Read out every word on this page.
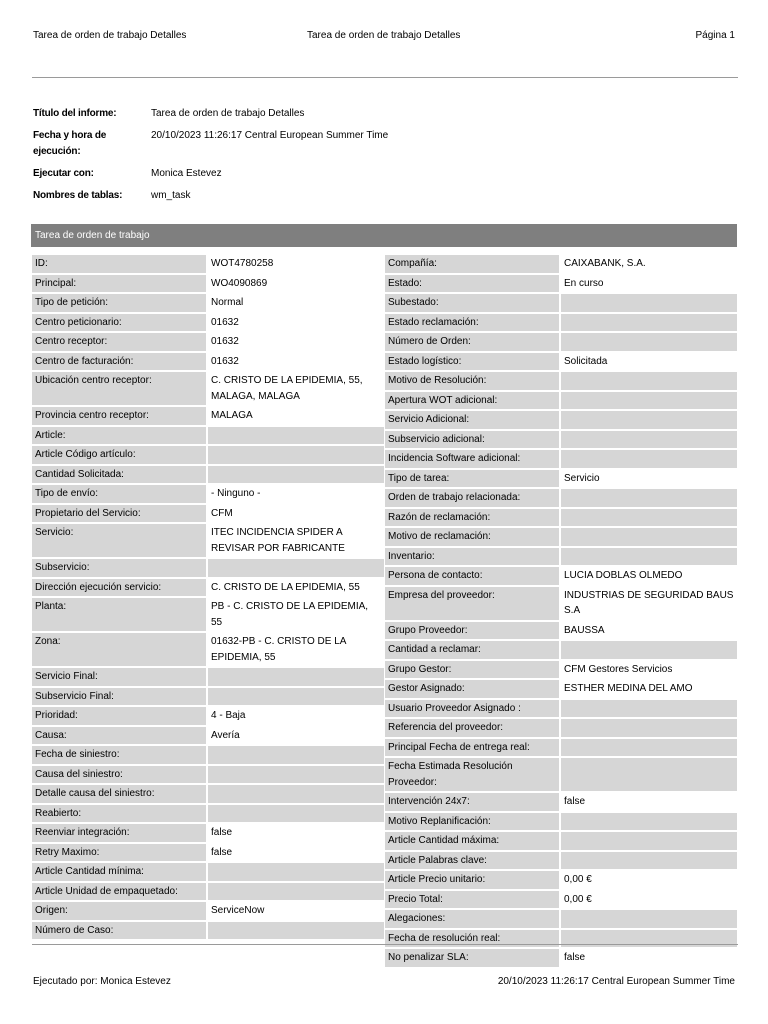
Tarea de orden de trabajo Detalles	Tarea de orden de trabajo Detalles	Página 1
Título del informe:	Tarea de orden de trabajo Detalles
Fecha y hora de ejecución:
20/10/2023 11:26:17 Central European Summer Time
Ejecutar con:	Monica Estevez
Nombres de tablas:	wm_task
Tarea de orden de trabajo
ID:	WOT4780258
Principal:	WO4090869
Tipo de petición:	Normal
Centro peticionario:	01632
Centro receptor:	01632
Centro de facturación:	01632
Ubicación centro receptor:	C. CRISTO DE LA EPIDEMIA, 55, MALAGA, MALAGA
Provincia centro receptor:	MALAGA
Article:
Article Código artículo:
Cantidad Solicitada:
Tipo de envío:	- Ninguno -
Propietario del Servicio:	CFM
Servicio:	ITEC INCIDENCIA SPIDER A REVISAR POR FABRICANTE
Subservicio:
Dirección ejecución servicio:	C. CRISTO DE LA EPIDEMIA, 55
Planta:	PB - C. CRISTO DE LA EPIDEMIA, 55
Zona:	01632-PB - C. CRISTO DE LA EPIDEMIA, 55
Servicio Final:
Subservicio Final:
Prioridad:	4 - Baja
Causa:	Avería
Fecha de siniestro:
Causa del siniestro:
Detalle causa del siniestro:
Reabierto:
Reenviar integración:	false
Retry Maximo:	false
Article Cantidad mínima:
Article Unidad de empaquetado:
Origen:	ServiceNow
Número de Caso:
Compañía:	CAIXABANK, S.A.
Estado:	En curso
Subestado:
Estado reclamación:
Número de Orden:
Estado logístico:	Solicitada
Motivo de Resolución:
Apertura WOT adicional:
Servicio Adicional:
Subservicio adicional:
Incidencia Software adicional:
Tipo de tarea:	Servicio
Orden de trabajo relacionada:
Razón de reclamación:
Motivo de reclamación:
Inventario:
Persona de contacto:	LUCIA DOBLAS OLMEDO
Empresa del proveedor:	INDUSTRIAS DE SEGURIDAD BAUS S.A
Grupo Proveedor:	BAUSSA
Cantidad a reclamar:
Grupo Gestor:	CFM Gestores Servicios
Gestor Asignado:	ESTHER MEDINA DEL AMO
Usuario Proveedor Asignado :
Referencia del proveedor:
Principal Fecha de entrega real:
Fecha Estimada Resolución Proveedor:
Intervención 24x7:	false
Motivo Replanificación:
Article Cantidad máxima:
Article Palabras clave:
Article Precio unitario:	0,00 €
Precio Total:	0,00 €
Alegaciones:
Fecha de resolución real:
No penalizar SLA:	false
Ejecutado por: Monica Estevez	20/10/2023 11:26:17 Central European Summer Time
